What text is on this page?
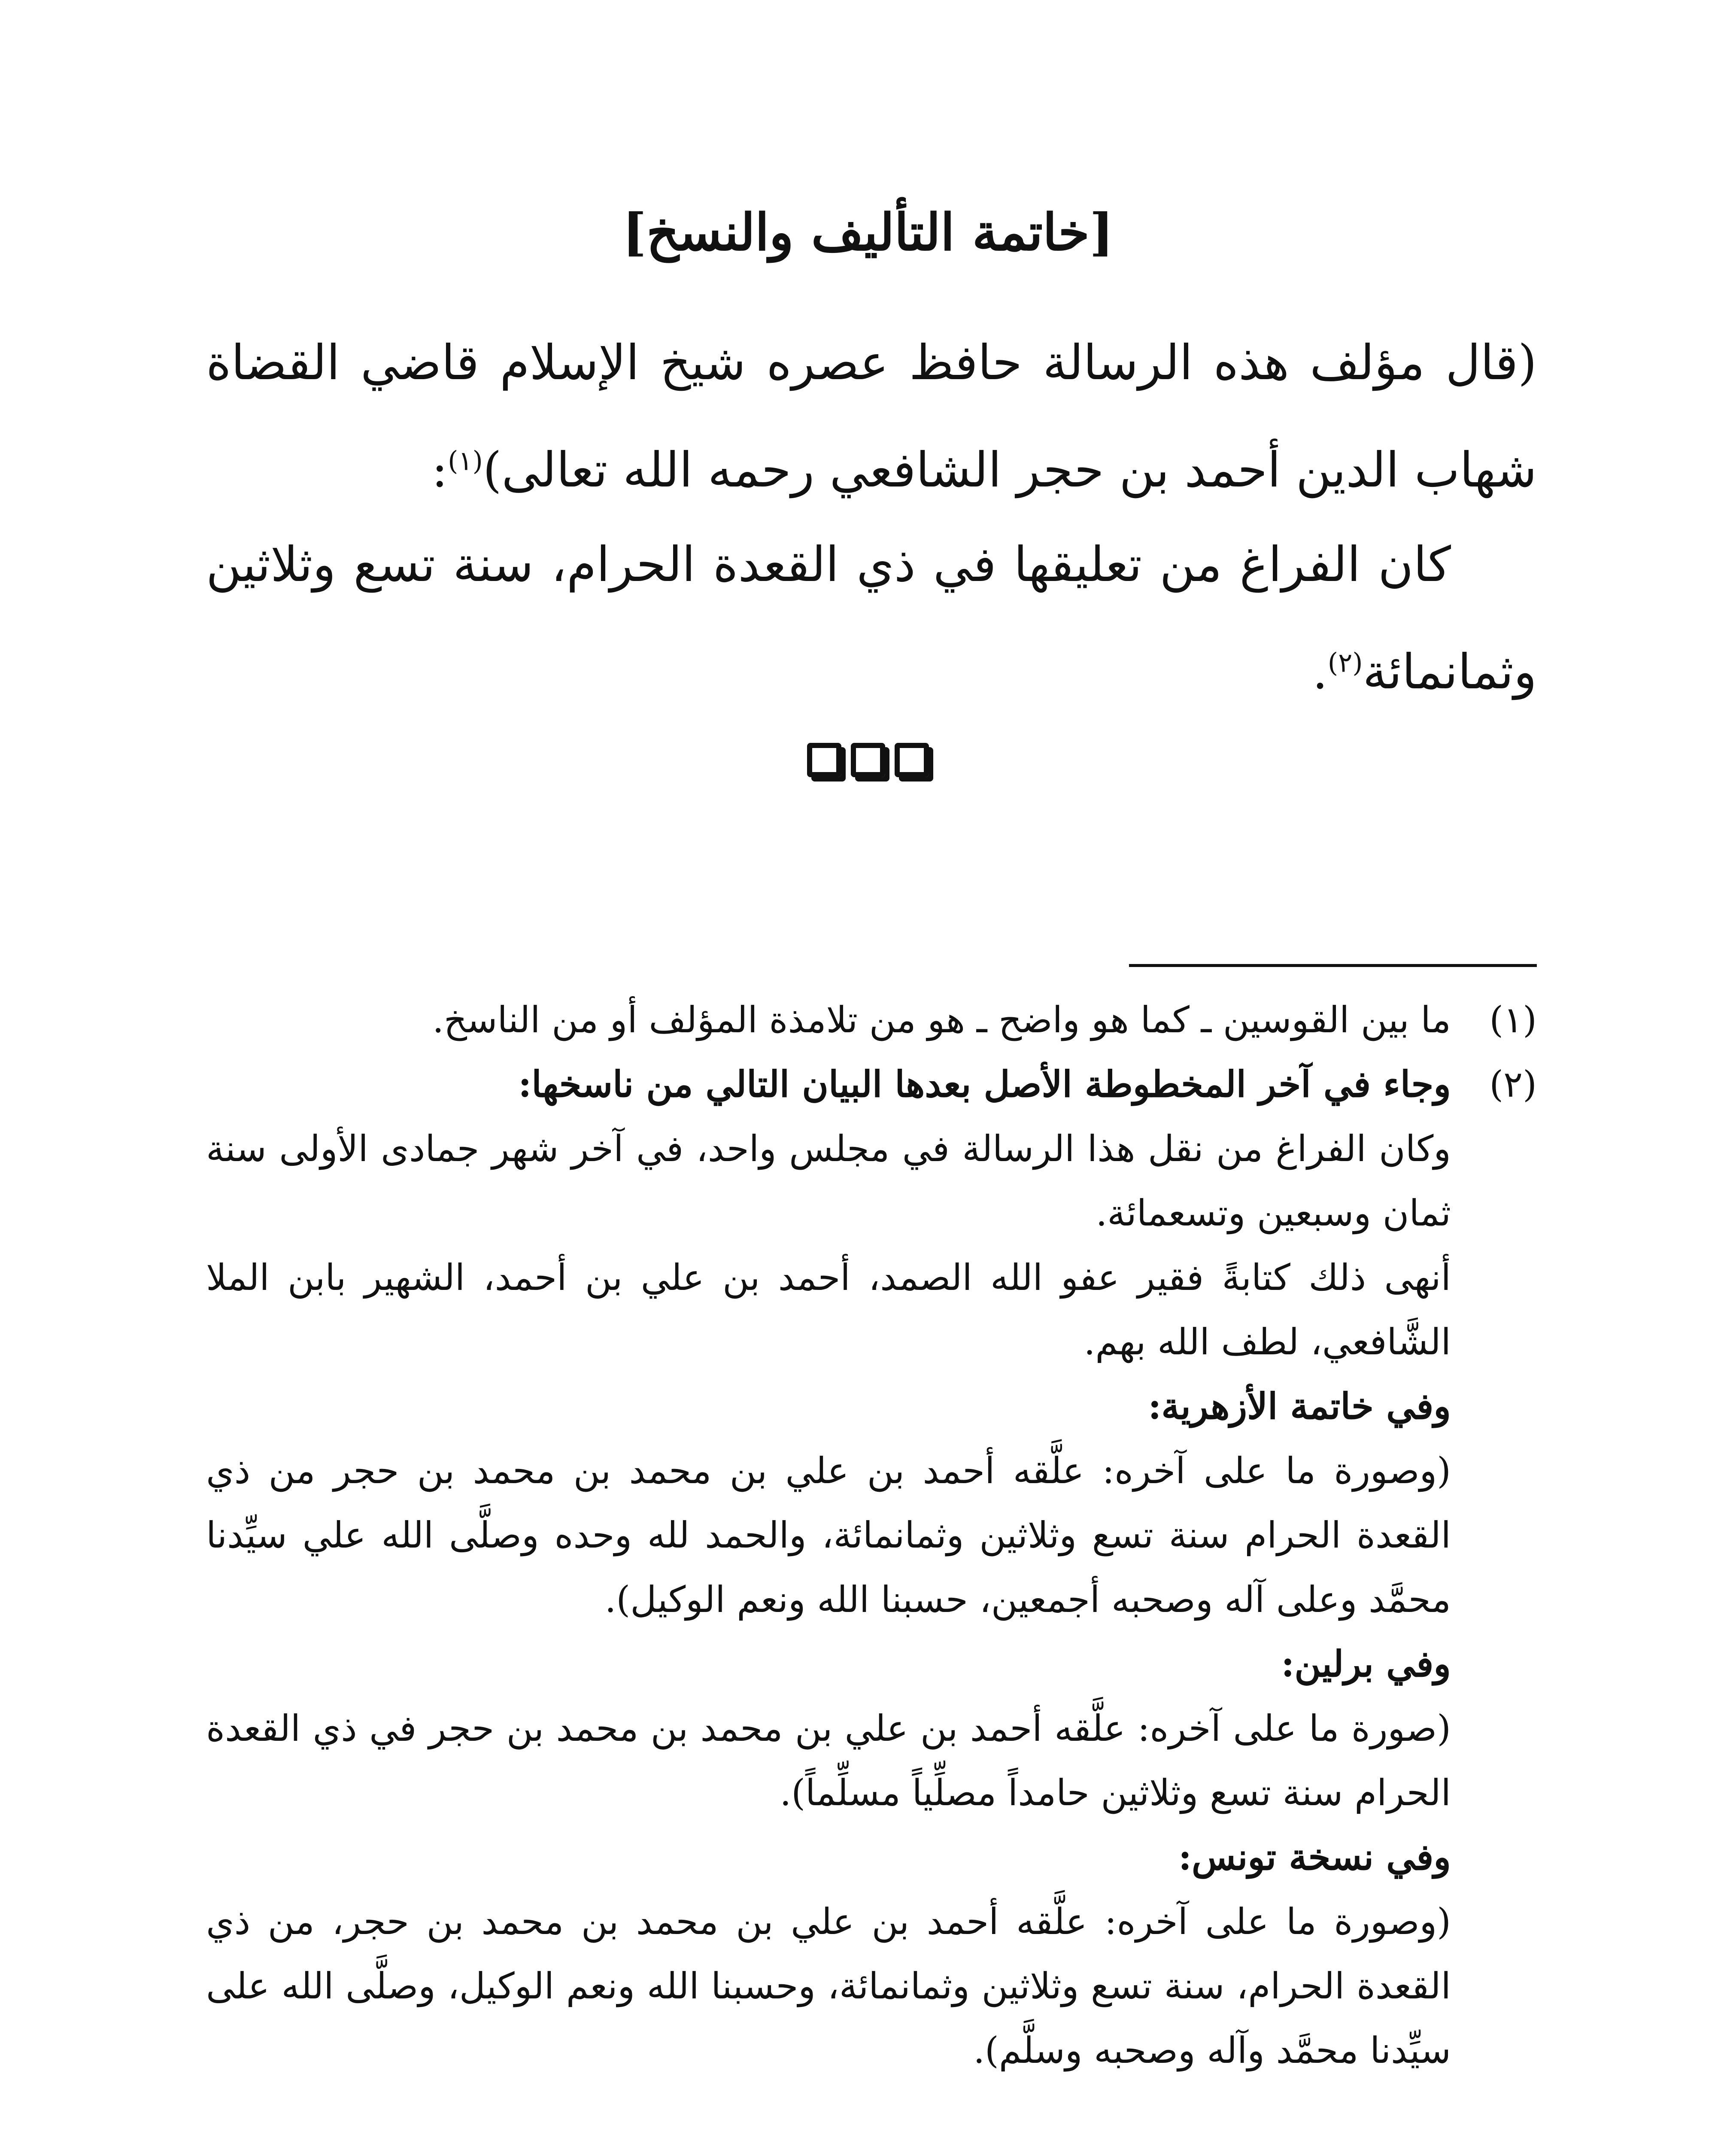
[خاتمة التأليف والنسخ]
(قال مؤلف هذه الرسالة حافظ عصره شيخ الإسلام قاضي القضاة شهاب الدين أحمد بن حجر الشافعي رحمه الله تعالى)$^{(١)}$:
كان الفراغ من تعليقها في ذي القعدة الحرام، سنة تسع وثلاثين وثمانمائة$^{(٢)}$.
(١)
ما بين القوسين ـ كما هو واضح ـ هو من تلامذة المؤلف أو من الناسخ.
(٢)
وجاء في آخر المخطوطة الأصل بعدها البيان التالي من ناسخها:
وكان الفراغ من نقل هذا الرسالة في مجلس واحد، في آخر شهر جمادى الأولى سنة ثمان وسبعين وتسعمائة.
أنهى ذلك كتابةً فقير عفو الله الصمد، أحمد بن علي بن أحمد، الشهير بابن الملا الشَّافعي، لطف الله بهم.
وفي خاتمة الأزهرية:
(وصورة ما على آخره: علَّقه أحمد بن علي بن محمد بن محمد بن حجر من ذي القعدة الحرام سنة تسع وثلاثين وثمانمائة، والحمد لله وحده وصلَّى الله علي سيِّدنا محمَّد وعلى آله وصحبه أجمعين، حسبنا الله ونعم الوكيل).
وفي برلين:
(صورة ما على آخره: علَّقه أحمد بن علي بن محمد بن محمد بن حجر في ذي القعدة الحرام سنة تسع وثلاثين حامداً مصلِّياً مسلِّماً).
وفي نسخة تونس:
(وصورة ما على آخره: علَّقه أحمد بن علي بن محمد بن محمد بن حجر، من ذي القعدة الحرام، سنة تسع وثلاثين وثمانمائة، وحسبنا الله ونعم الوكيل، وصلَّى الله على سيِّدنا محمَّد وآله وصحبه وسلَّم).
